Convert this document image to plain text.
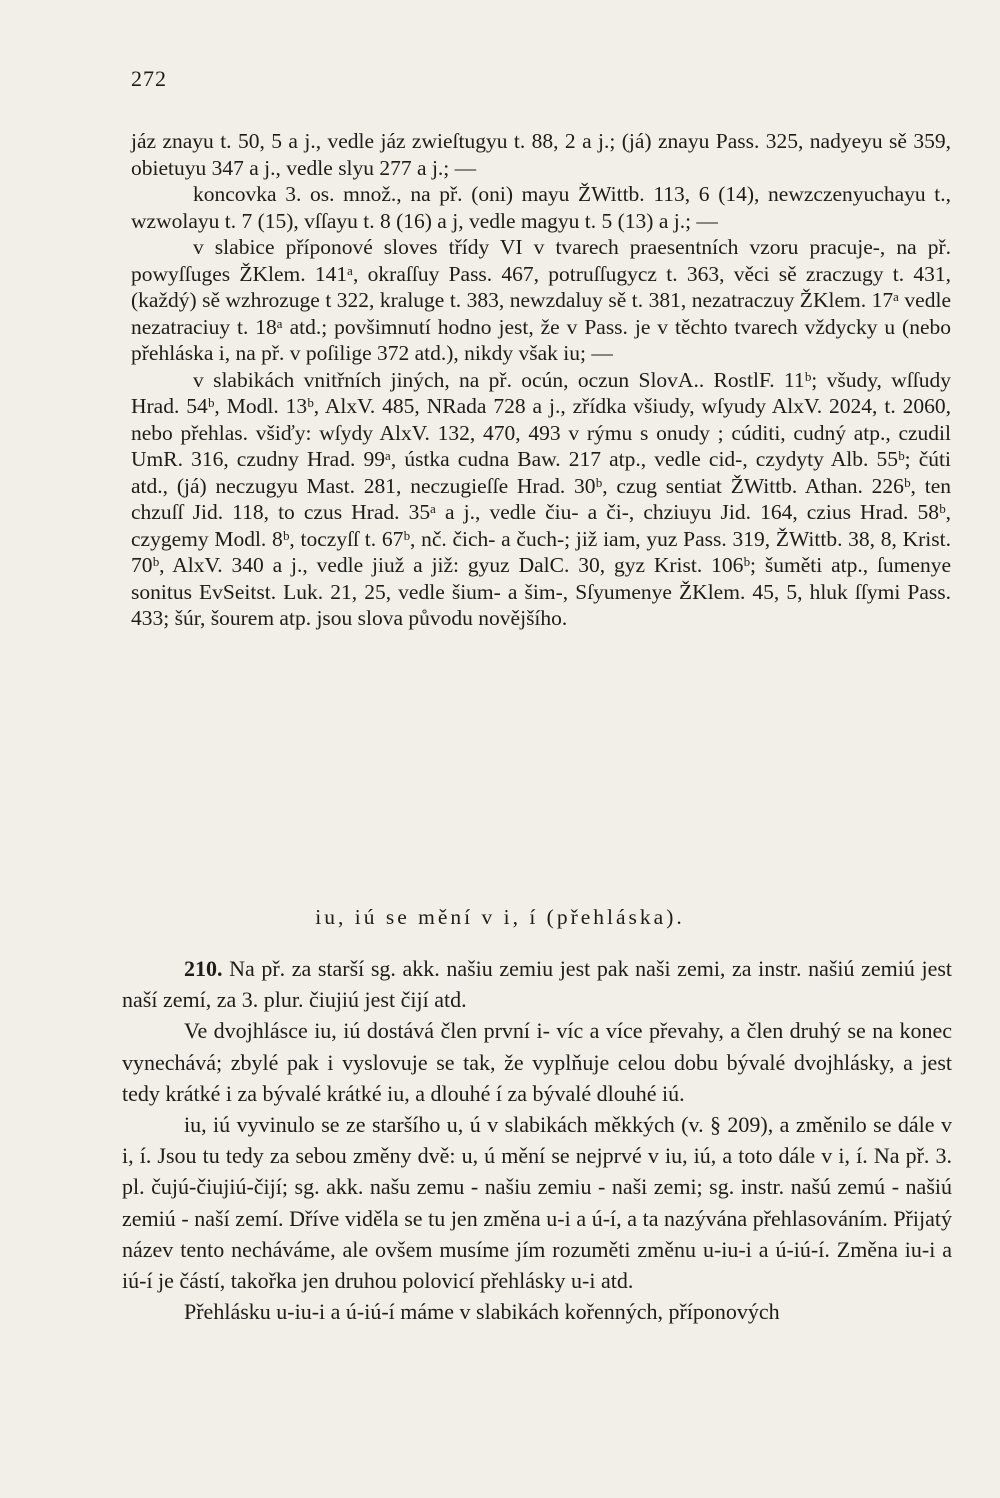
272

jáz znayu t. 50, 5 a j., vedle jáz zwieſtugyu t. 88, 2 a j.; (já) znayu Pass. 325, nadyeyu sě 359, obietuyu 347 a j., vedle slyu 277 a j.; —

koncovka 3. os. množ., na př. (oni) mayu ŽWittb. 113, 6 (14), newzczenyuchayu t., wzwolayu t. 7 (15), vſſayu t. 8 (16) a j, vedle magyu t. 5 (13) a j.; —

v slabice příponové sloves třídy VI v tvarech praesentních vzoru pracuje-, na př. powyſſuges ŽKlem. 141ᵃ, okraſſuy Pass. 467, potruſſugycz t. 363, věci sě zraczugy t. 431, (každý) sě wzhrozuge t 322, kraluge t. 383, newzdaluy sě t. 381, nezatraczuy ŽKlem. 17ᵃ vedle nezatraciuy t. 18ᵃ atd.; povšimnutí hodno jest, že v Pass. je v těchto tvarech vždycky u (nebo přehláska i, na př. v poſilige 372 atd.), nikdy však iu; —

v slabikách vnitřních jiných, na př. ocún, oczun SlovA.. RostlF. 11ᵇ; všudy, wſſudy Hrad. 54ᵇ, Modl. 13ᵇ, AlxV. 485, NRada 728 a j., zřídka všiudy, wſyudy AlxV. 2024, t. 2060, nebo přehlas. všiďy: wſydy AlxV. 132, 470, 493 v rýmu s onudy ; cúditi, cudný atp., czudil UmR. 316, czudny Hrad. 99ᵃ, ústka cudna Baw. 217 atp., vedle cid-, czydyty Alb. 55ᵇ; čúti atd., (já) neczugyu Mast. 281, neczugieſſe Hrad. 30ᵇ, czug sentiat ŽWittb. Athan. 226ᵇ, ten chzuſſ Jid. 118, to czus Hrad. 35ᵃ a j., vedle čiu- a či-, chziuyu Jid. 164, czius Hrad. 58ᵇ, czygemy Modl. 8ᵇ, toczyſſ t. 67ᵇ, nč. čich- a čuch-; již iam, yuz Pass. 319, ŽWittb. 38, 8, Krist. 70ᵇ, AlxV. 340 a j., vedle jiuž a již: gyuz DalC. 30, gyz Krist. 106ᵇ; šuměti atp., ſumenye sonitus EvSeitst. Luk. 21, 25, vedle šium- a šim-, Sſyumenye ŽKlem. 45, 5, hluk ſſymi Pass. 433; šúr, šourem atp. jsou slova původu novějšího.

iu, iú se mění v i, í (přehláska).

210. Na př. za starší sg. akk. našiu zemiu jest pak naši zemi, za instr. našiú zemiú jest naší zemí, za 3. plur. čiujiú jest čijí atd.

Ve dvojhlásce iu, iú dostává člen první i- víc a více převahy, a člen druhý se na konec vynechává; zbylé pak i vyslovuje se tak, že vyplňuje celou dobu bývalé dvojhlásky, a jest tedy krátké i za bývalé krátké iu, a dlouhé í za bývalé dlouhé iú.

iu, iú vyvinulo se ze staršího u, ú v slabikách měkkých (v. § 209), a změnilo se dále v i, í. Jsou tu tedy za sebou změny dvě: u, ú mění se nejprvé v iu, iú, a toto dále v i, í. Na př. 3. pl. čujú-čiujiú-čijí; sg. akk. našu zemu - našiu zemiu - naši zemi; sg. instr. našú zemú - našiú zemiú - naší zemí. Dříve viděla se tu jen změna u-i a ú-í, a ta nazývána přehlasováním. Přijatý název tento necháváme, ale ovšem musíme jím rozuměti změnu u-iu-i a ú-iú-í. Změna iu-i a iú-í je částí, takořka jen druhou polovicí přehlásky u-i atd.

Přehlásku u-iu-i a ú-iú-í máme v slabikách kořenných, příponových
